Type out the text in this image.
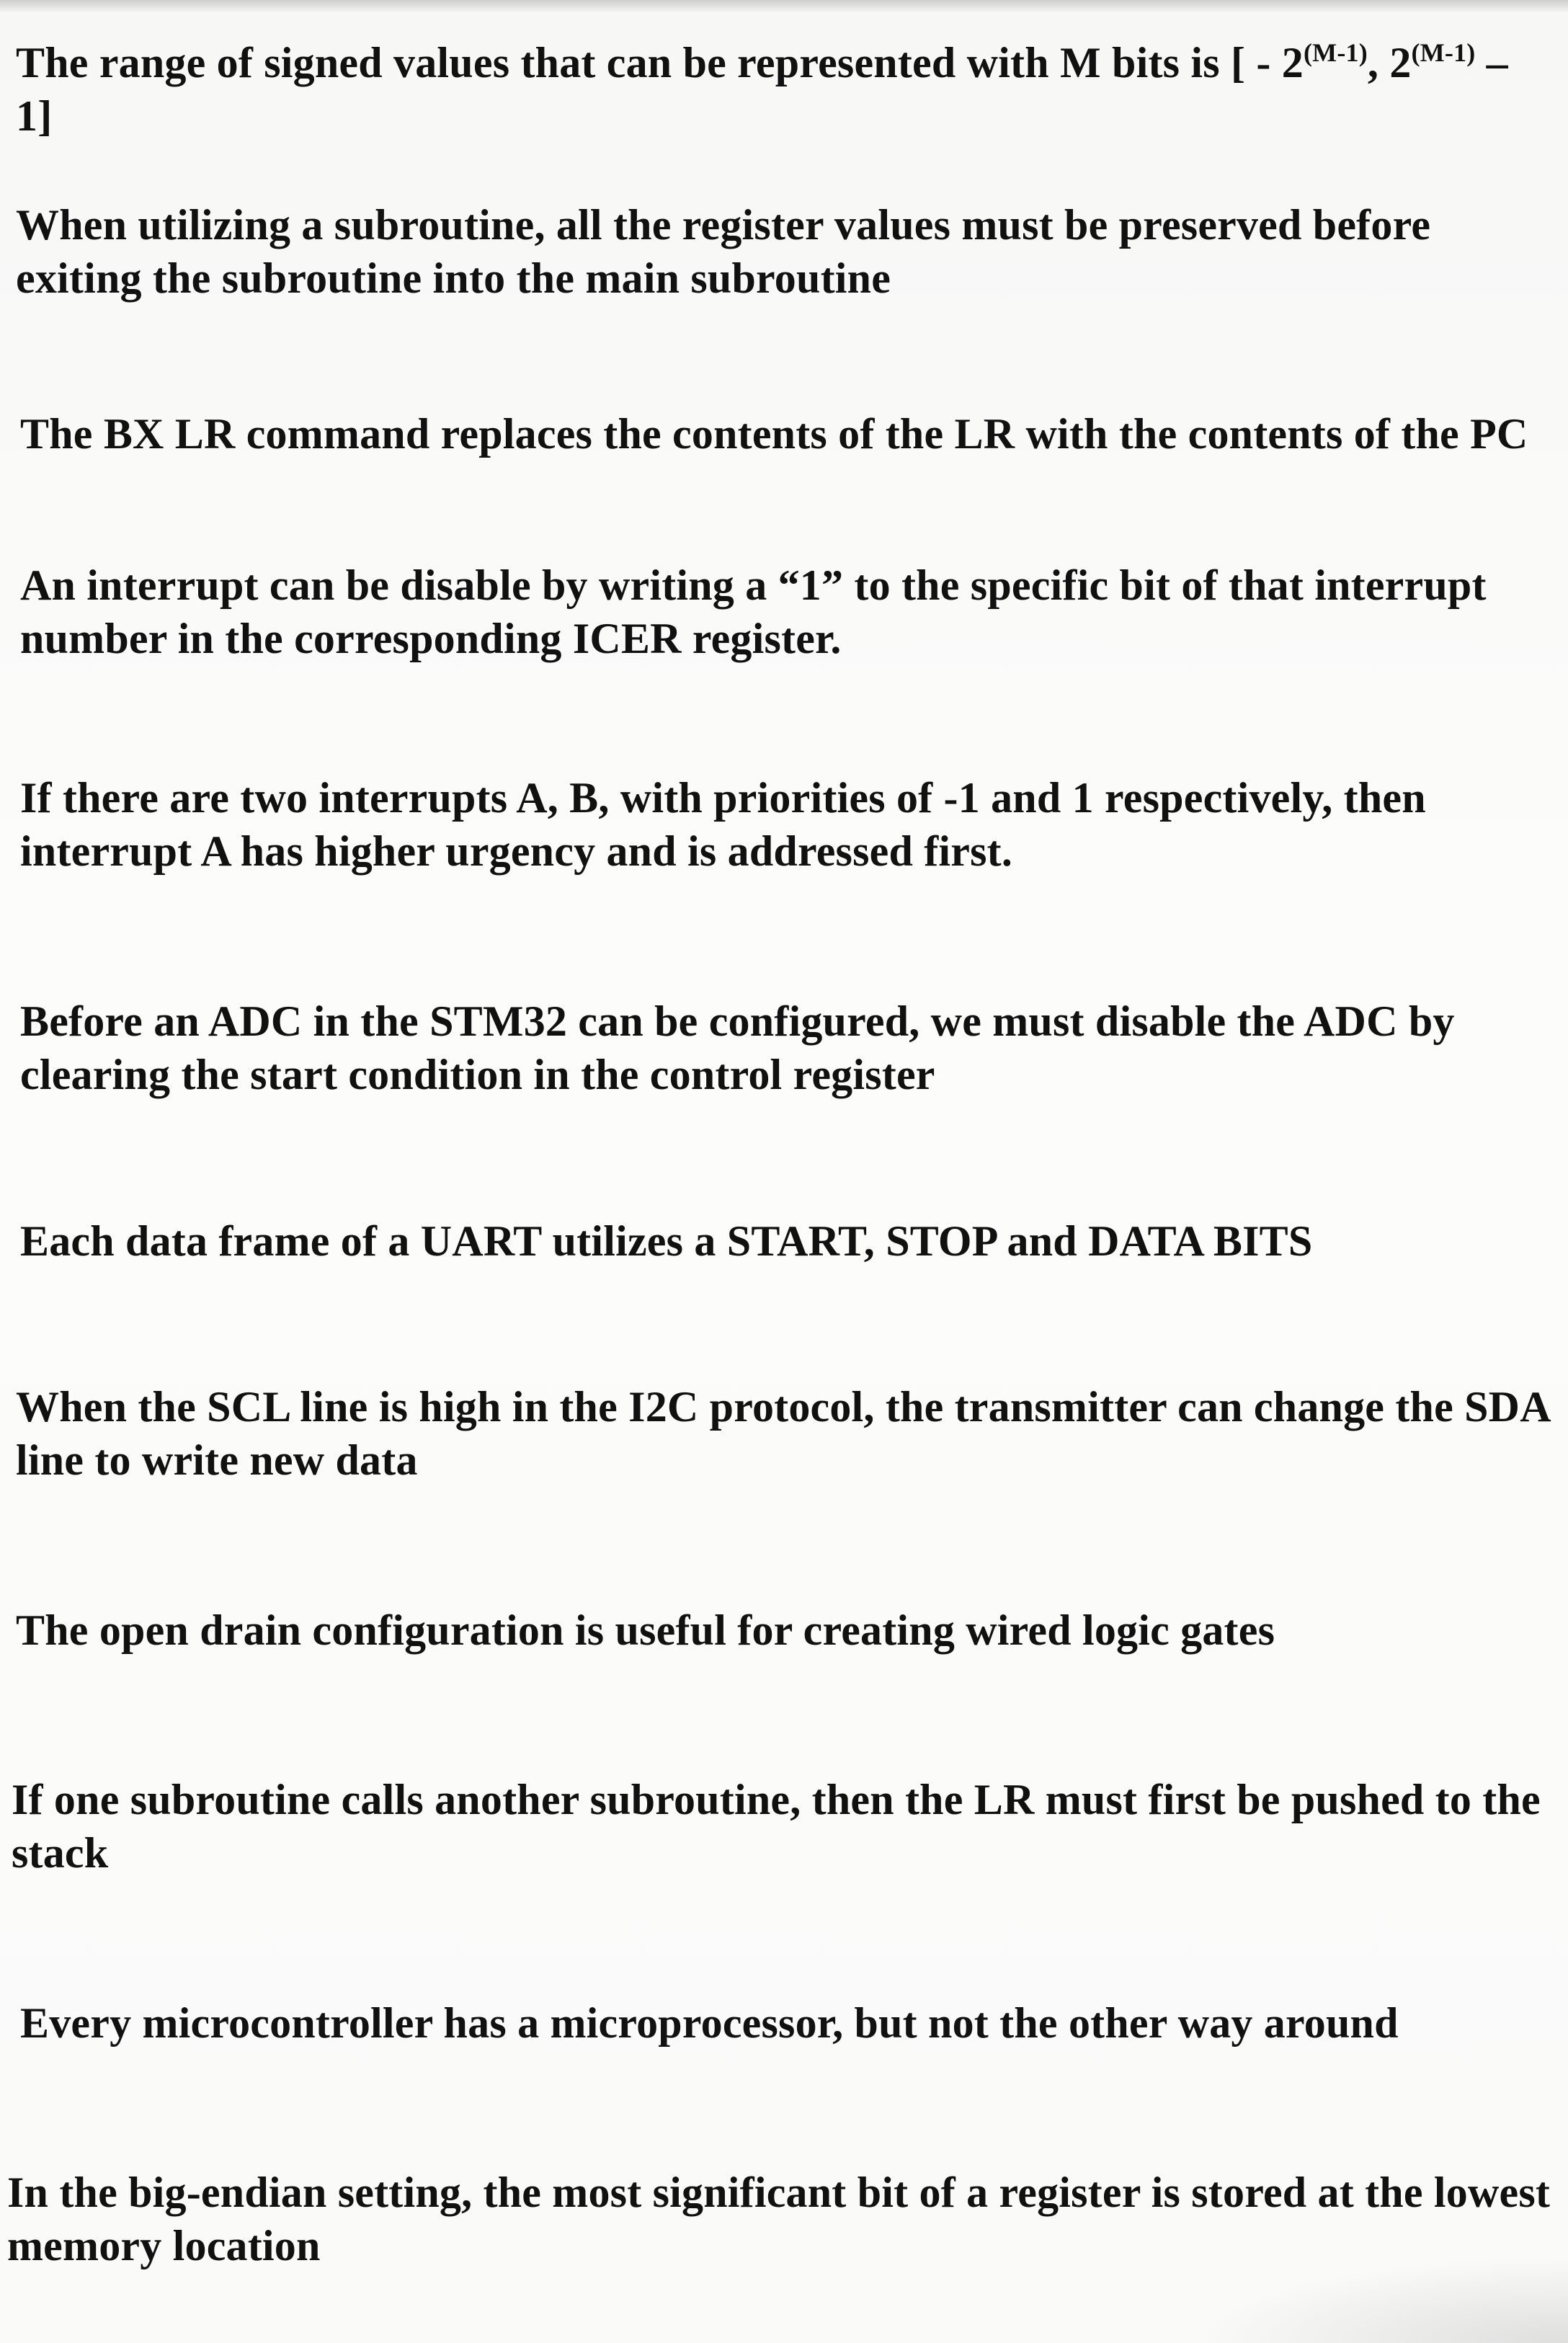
The range of signed values that can be represented with M bits is [ - $2^{(M-1)}$, $2^{(M-1)} - 1$]

When utilizing a subroutine, all the register values must be preserved before exiting the subroutine into the main subroutine

The BX LR command replaces the contents of the LR with the contents of the PC

An interrupt can be disable by writing a “1” to the specific bit of that interrupt number in the corresponding ICER register.

If there are two interrupts A, B, with priorities of -1 and 1 respectively, then interrupt A has higher urgency and is addressed first.

Before an ADC in the STM32 can be configured, we must disable the ADC by clearing the start condition in the control register

Each data frame of a UART utilizes a START, STOP and DATA BITS

When the SCL line is high in the I2C protocol, the transmitter can change the SDA line to write new data

The open drain configuration is useful for creating wired logic gates

If one subroutine calls another subroutine, then the LR must first be pushed to the stack

Every microcontroller has a microprocessor, but not the other way around

In the big-endian setting, the most significant bit of a register is stored at the lowest memory location
